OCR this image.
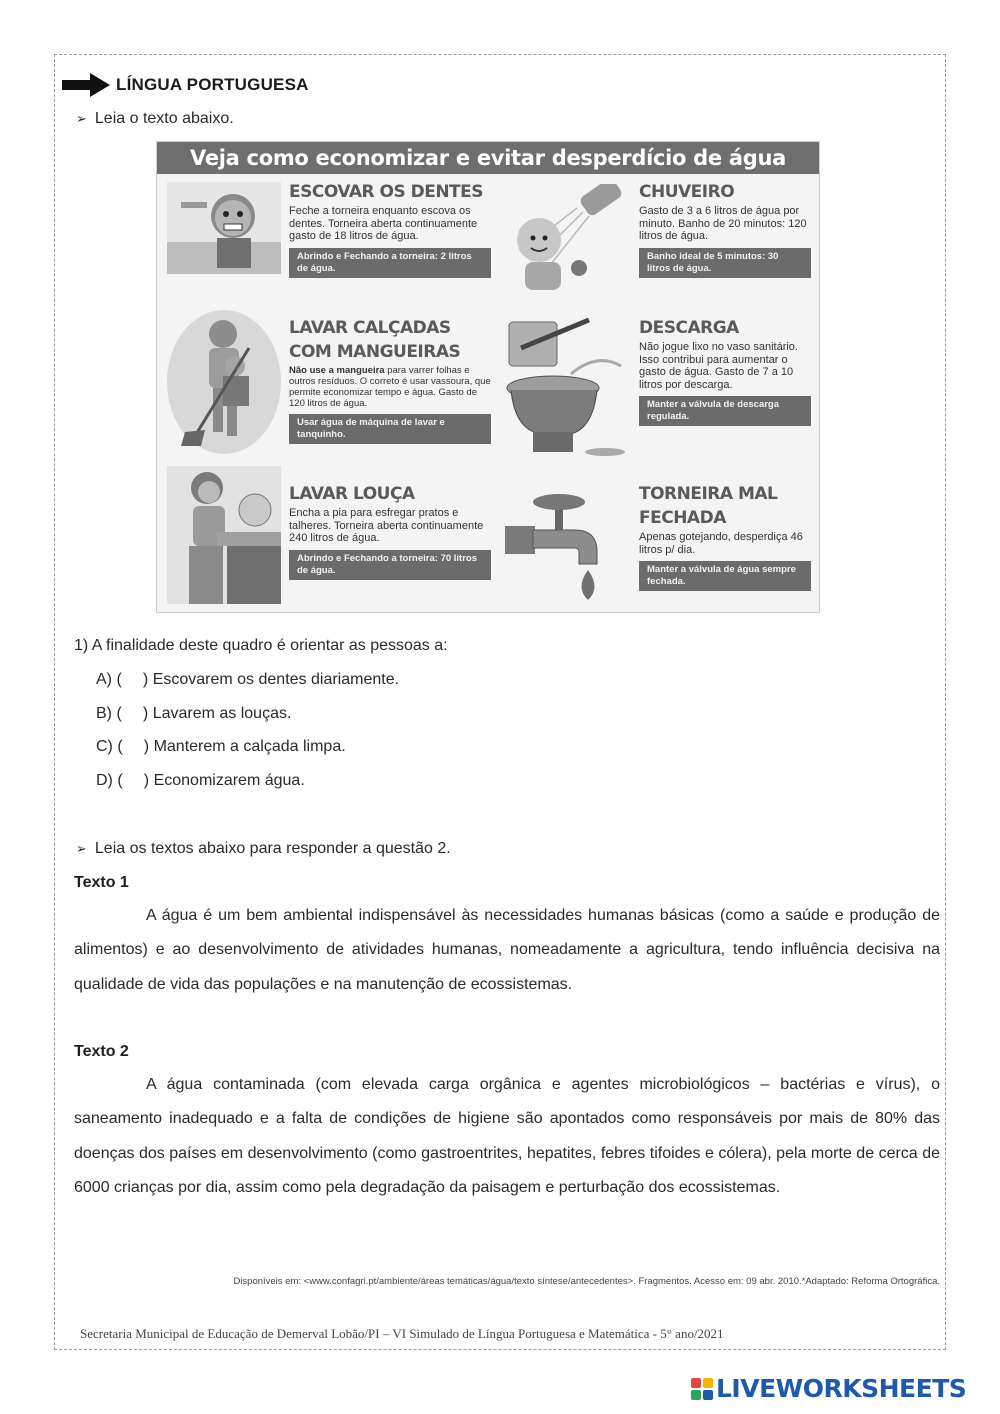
LÍNGUA PORTUGUESA
➢ Leia o texto abaixo.
Veja como economizar e evitar desperdício de água
ESCOVAR OS DENTES
Feche a torneira enquanto escova os dentes. Torneira aberta continuamente gasto de 18 litros de água.
Abrindo e Fechando a torneira: 2 litros de água.
CHUVEIRO
Gasto de 3 a 6 litros de água por minuto. Banho de 20 minutos: 120 litros de água.
Banho ideal de 5 minutos: 30 litros de água.
LAVAR CALÇADAS COM MANGUEIRAS
Não use a mangueira para varrer folhas e outros resíduos. O correto é usar vassoura, que permite economizar tempo e água. Gasto de 120 litros de água.
Usar água de máquina de lavar e tanquinho.
DESCARGA
Não jogue lixo no vaso sanitário. Isso contribui para aumentar o gasto de água. Gasto de 7 a 10 litros por descarga.
Manter a válvula de descarga regulada.
LAVAR LOUÇA
Encha a pia para esfregar pratos e talheres. Torneira aberta continuamente 240 litros de água.
Abrindo e Fechando a torneira: 70 litros de água.
TORNEIRA MAL FECHADA
Apenas gotejando, desperdiça 46 litros p/ dia.
Manter a válvula de água sempre fechada.
1) A finalidade deste quadro é orientar as pessoas a:
A) ( ) Escovarem os dentes diariamente.
B) ( ) Lavarem as louças.
C) ( ) Manterem a calçada limpa.
D) ( ) Economizarem água.
➢ Leia os textos abaixo para responder a questão 2.
Texto 1
A água é um bem ambiental indispensável às necessidades humanas básicas (como a saúde e produção de alimentos) e ao desenvolvimento de atividades humanas, nomeadamente a agricultura, tendo influência decisiva na qualidade de vida das populações e na manutenção de ecossistemas.
Texto 2
A água contaminada (com elevada carga orgânica e agentes microbiológicos – bactérias e vírus), o saneamento inadequado e a falta de condições de higiene são apontados como responsáveis por mais de 80% das doenças dos países em desenvolvimento (como gastroentrites, hepatites, febres tifoides e cólera), pela morte de cerca de 6000 crianças por dia, assim como pela degradação da paisagem e perturbação dos ecossistemas.
Disponíveis em: <www.confagri.pt/ambiente/áreas temáticas/água/texto síntese/antecedentes>. Fragmentos. Acesso em: 09 abr. 2010.*Adaptado: Reforma Ortográfica.
Secretaria Municipal de Educação de Demerval Lobão/PI – VI Simulado de Língua Portuguesa e Matemática - 5° ano/2021
LIVEWORKSHEETS
